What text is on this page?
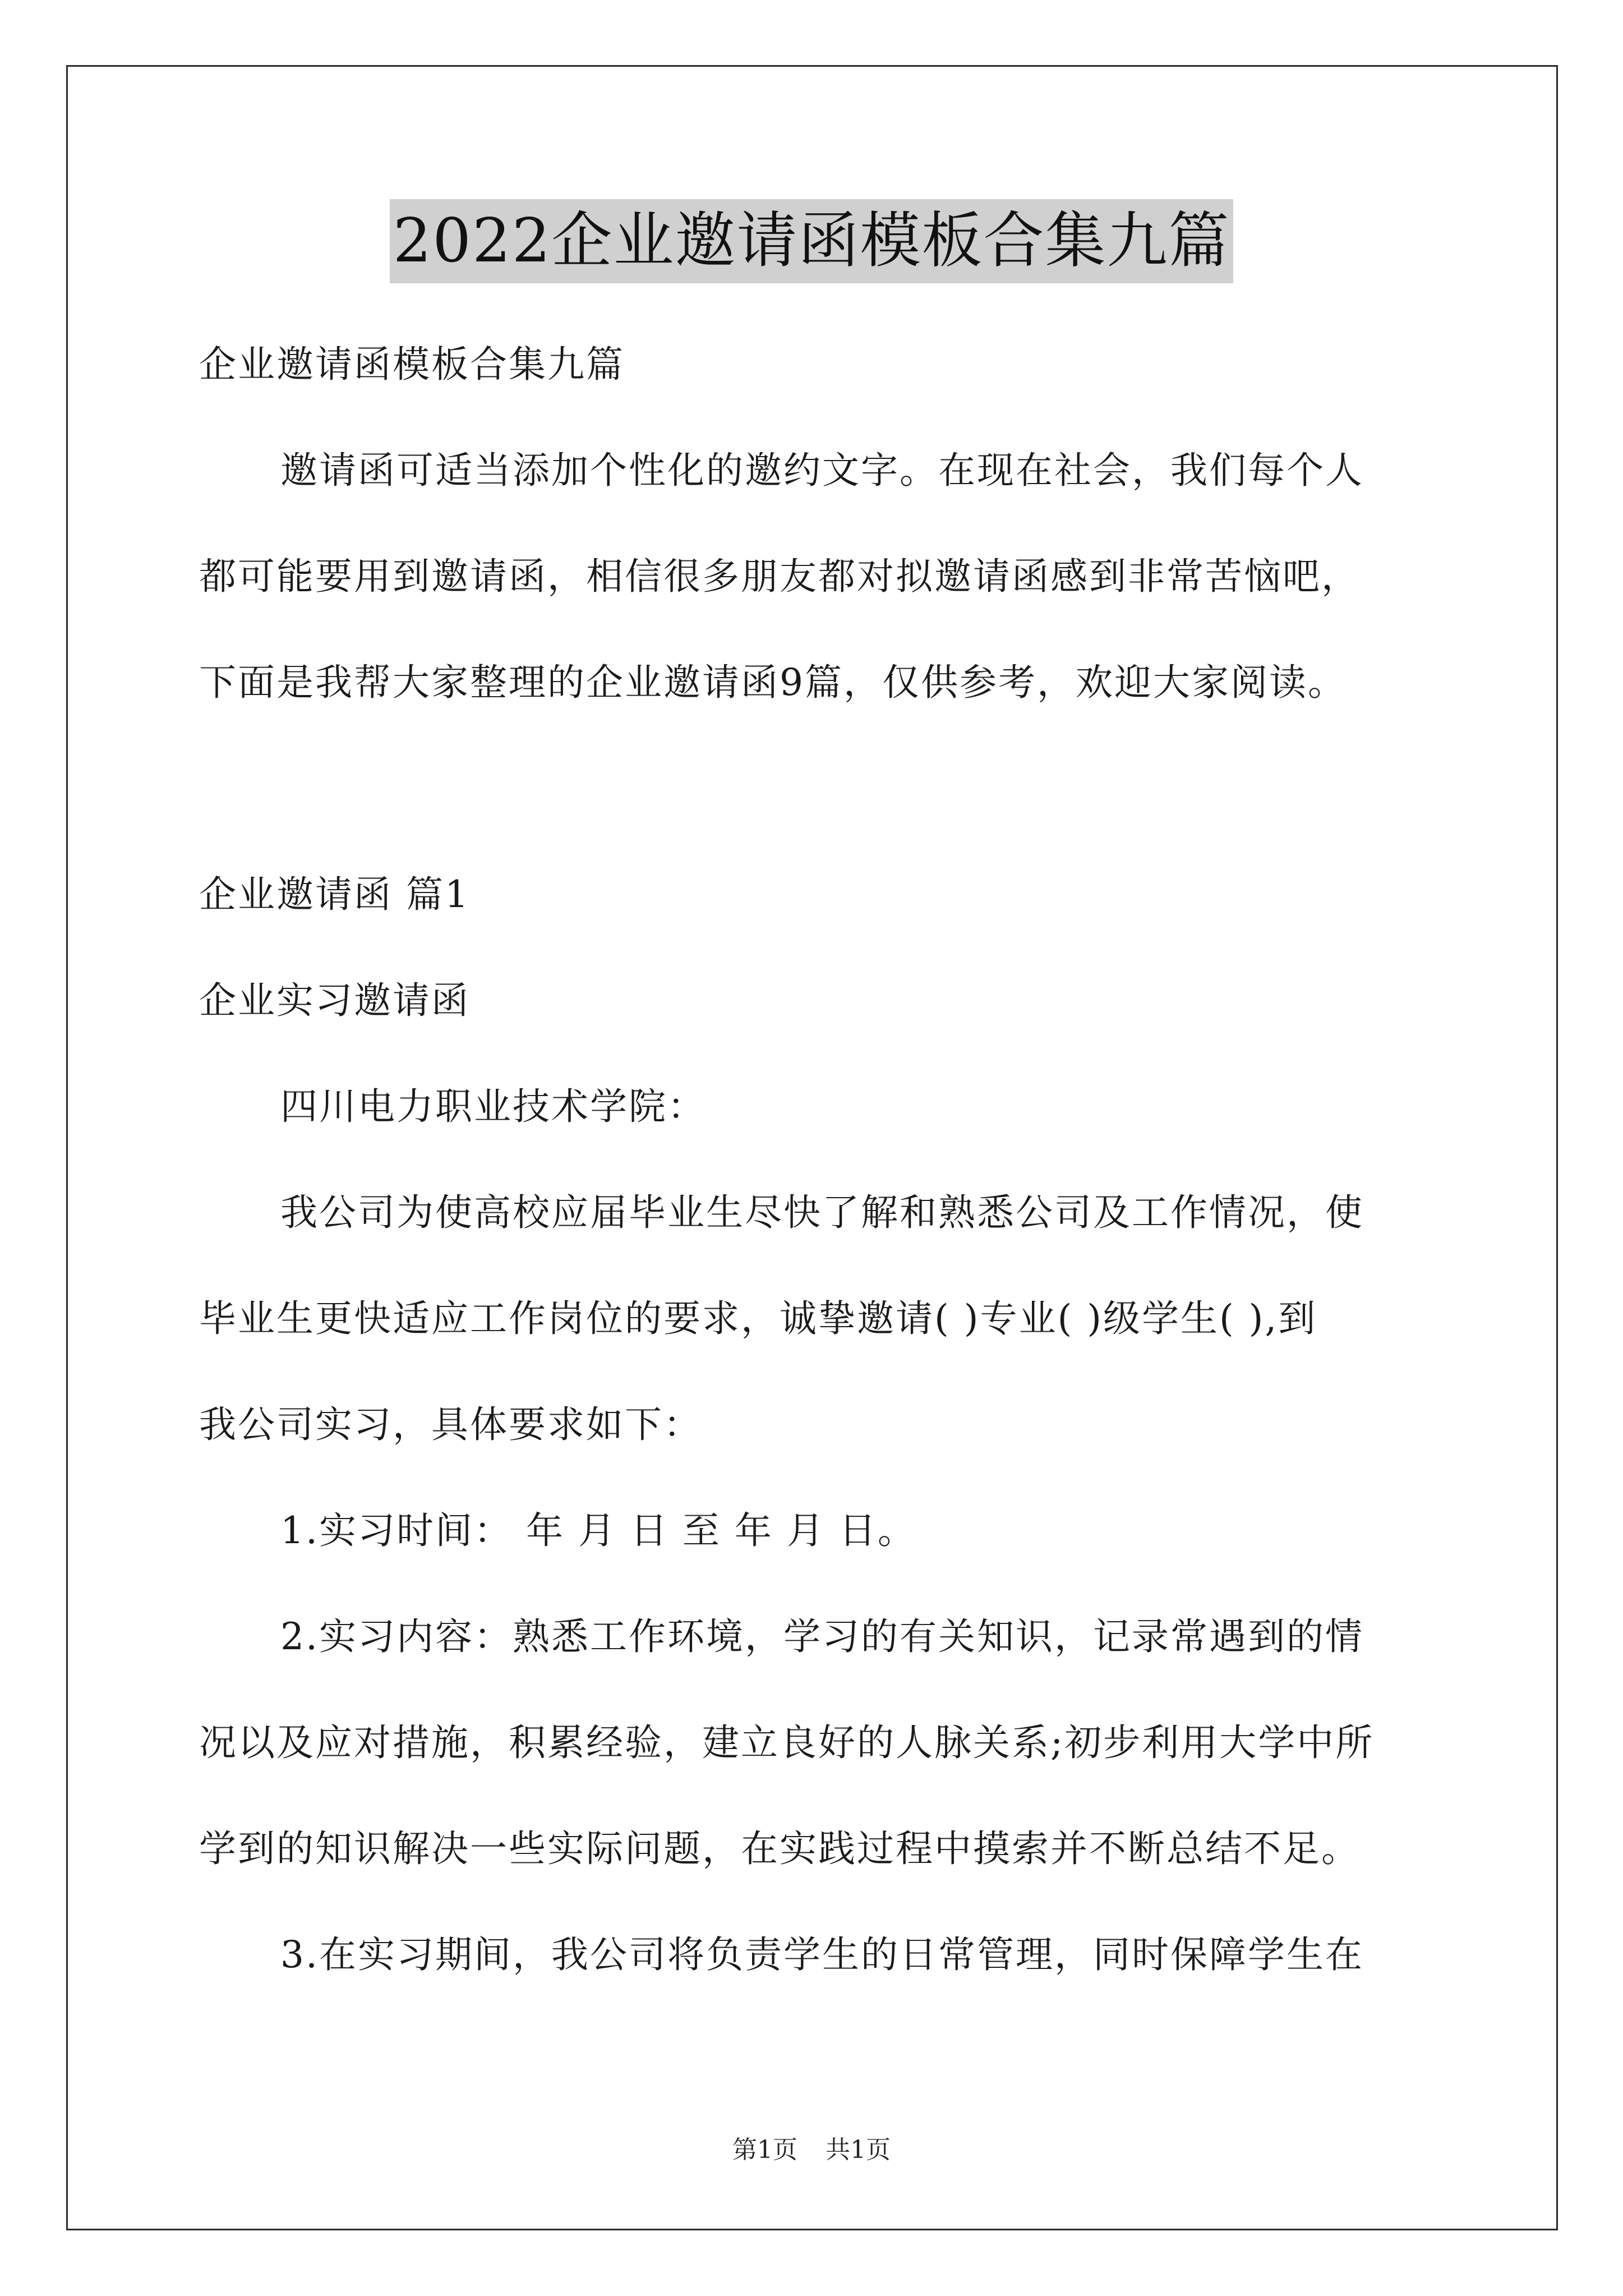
2022企业邀请函模板合集九篇
企业邀请函模板合集九篇
邀请函可适当添加个性化的邀约文字。在现在社会，我们每个人
都可能要用到邀请函，相信很多朋友都对拟邀请函感到非常苦恼吧，
下面是我帮大家整理的企业邀请函9篇，仅供参考，欢迎大家阅读。
企业邀请函 篇1
企业实习邀请函
四川电力职业技术学院：
我公司为使高校应届毕业生尽快了解和熟悉公司及工作情况，使
毕业生更快适应工作岗位的要求，诚挚邀请( )专业( )级学生( ),到
我公司实习，具体要求如下：
1.实习时间： 年 月 日 至 年 月 日。
2.实习内容：熟悉工作环境，学习的有关知识，记录常遇到的情
况以及应对措施，积累经验，建立良好的人脉关系;初步利用大学中所
学到的知识解决一些实际问题，在实践过程中摸索并不断总结不足。
3.在实习期间，我公司将负责学生的日常管理，同时保障学生在
第1页 共1页
